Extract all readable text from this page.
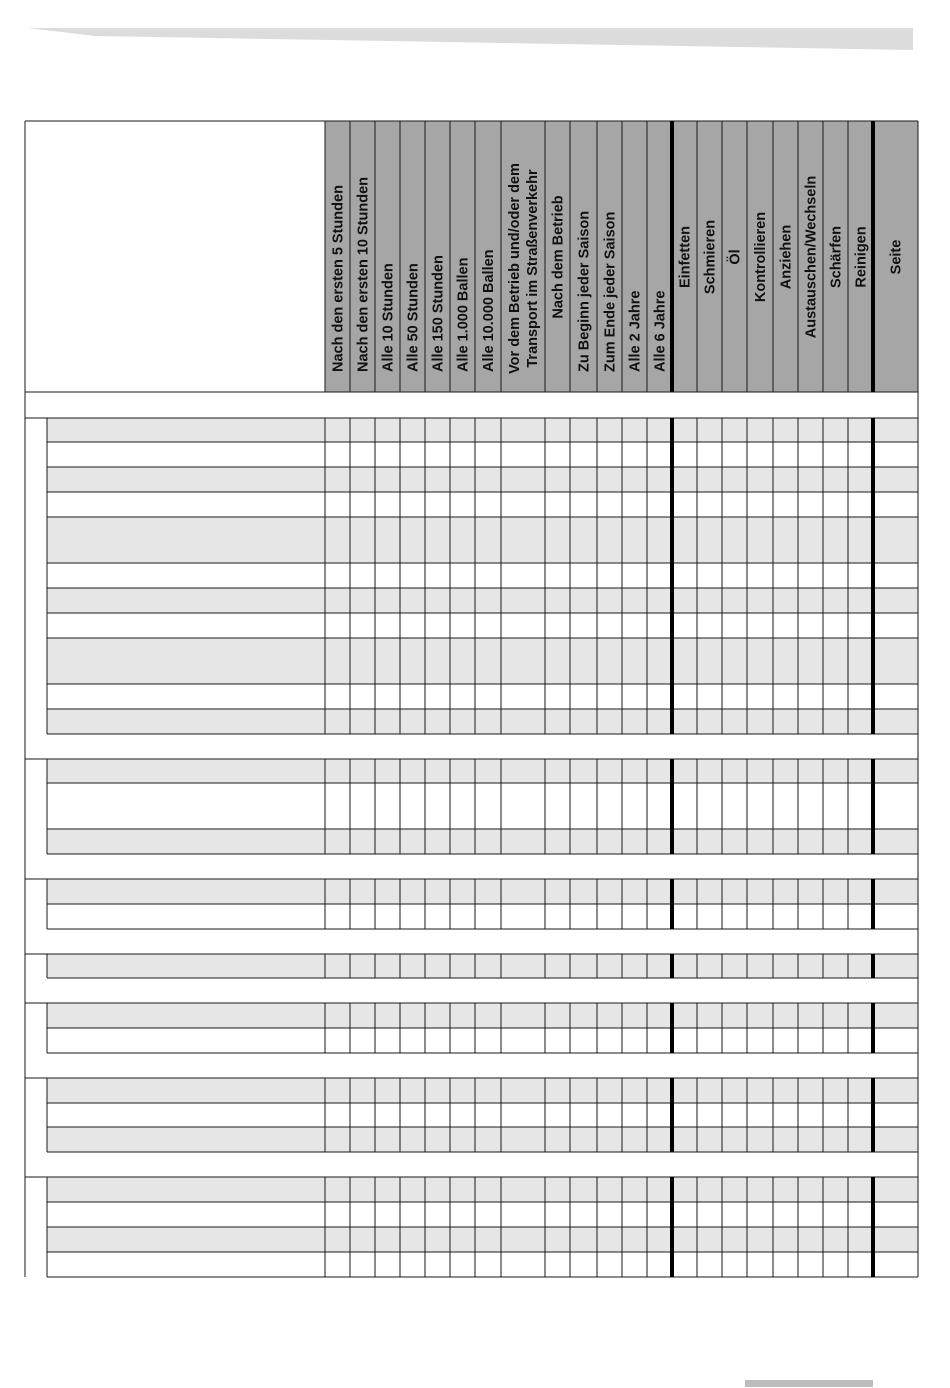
Nach den ersten 5 Stunden Nach den ersten 10 Stunden Alle 10 Stunden Alle 50 Stunden Alle 150 Stunden Alle 1.000 Ballen Alle 10.000 Ballen Vor dem Betrieb und/oder dem Transport im Straßenverkehr Nach dem Betrieb Zu Beginn jeder Saison Zum Ende jeder Saison Alle 2 Jahre Alle 6 Jahre
Einfetten Schmieren Öl Kontrollieren Anziehen Austauschen/Wechseln Schärfen Reinigen Seite
